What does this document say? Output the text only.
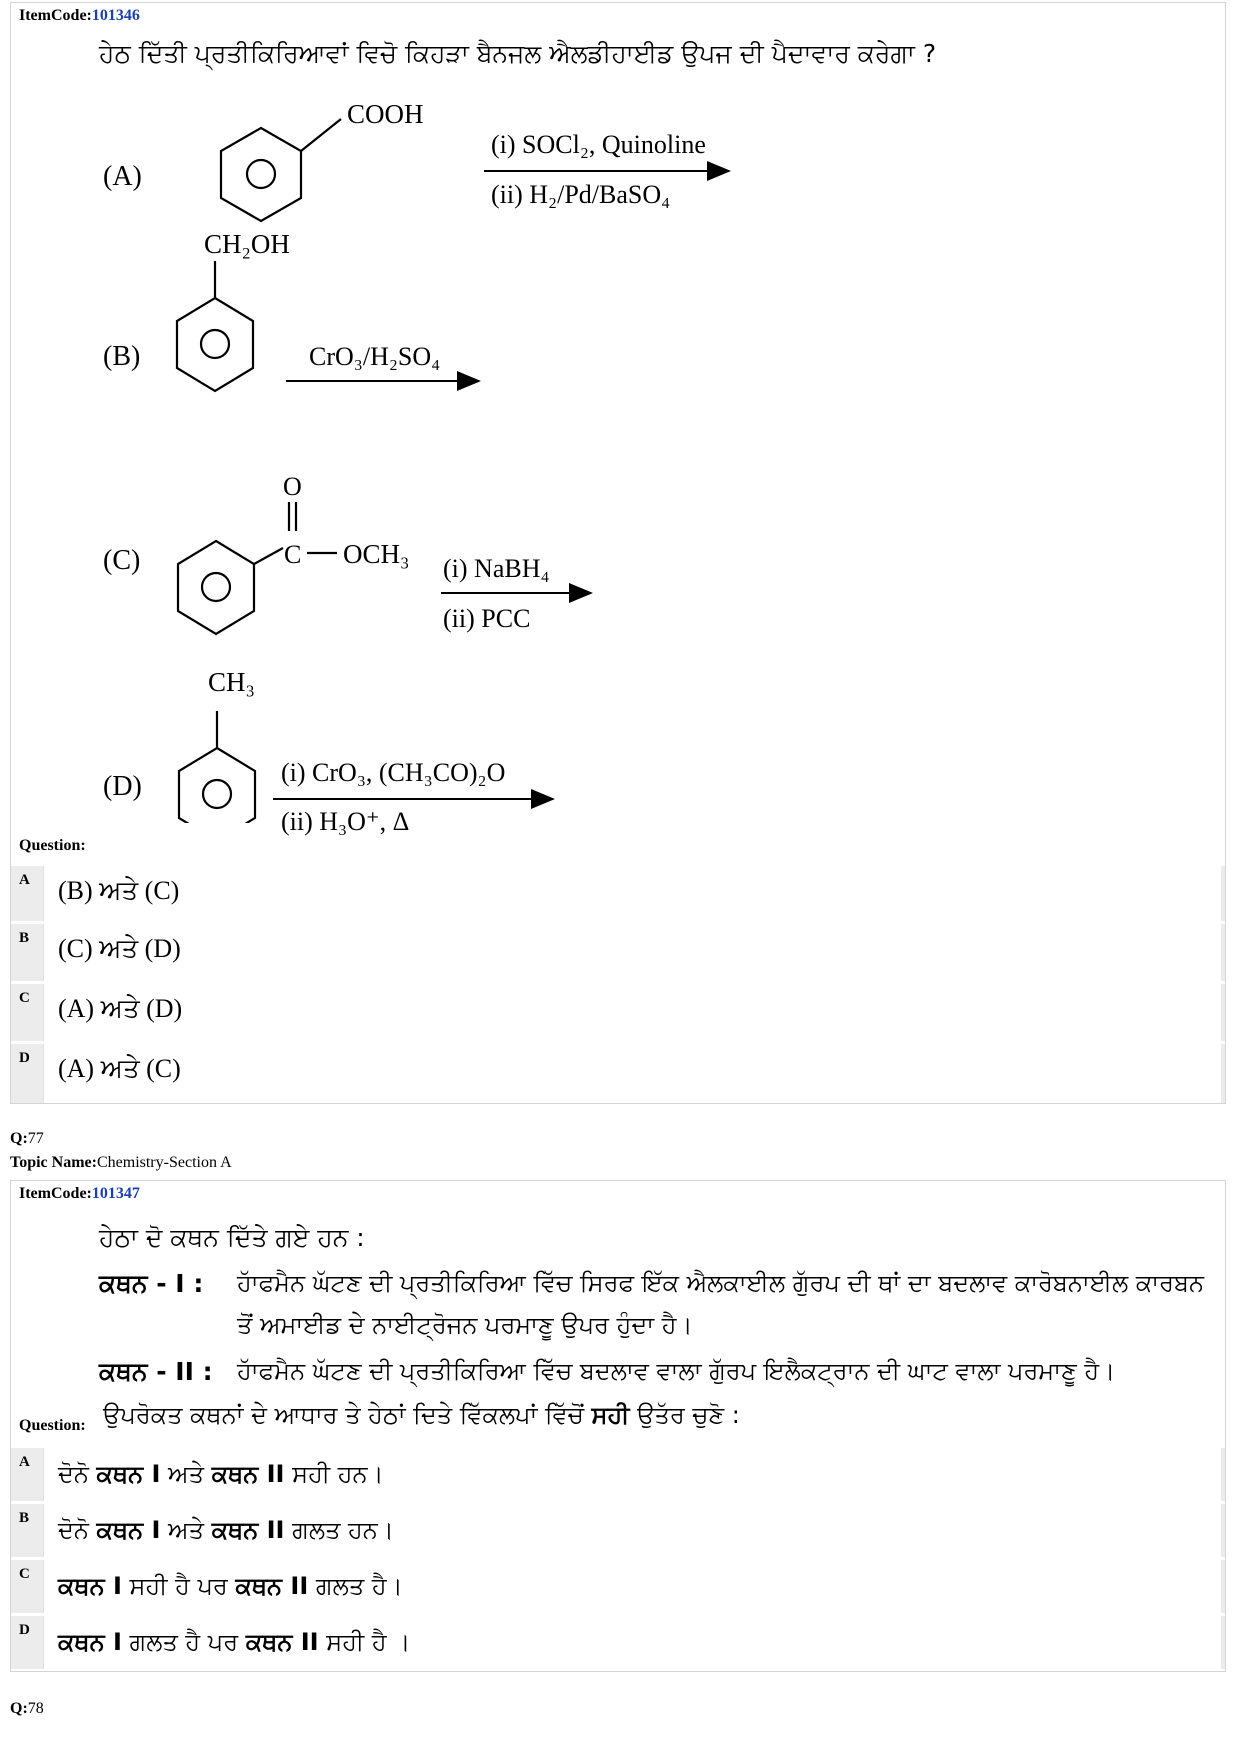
ItemCode:101346
ਹੇਠ ਦਿੱਤੀ ਪ੍ਰਤੀਕਿਰਿਆਵਾਂ ਵਿਚੋ ਕਿਹੜਾ ਬੈਨਜਲ ਐਲਡੀਹਾਈਡ ਉਪਜ ਦੀ ਪੈਦਾਵਾਰ ਕਰੇਗਾ ?
(A)
COOH
(i) SOCl₂, Quinoline
(ii) H₂/Pd/BaSO₄
(B)
CH₂OH
CrO₃/H₂SO₄
(C)
O
C OCH₃ (i) NaBH₄
(ii) PCC
(D)
CH₃
(i) CrO₃, (CH₃CO)₂O
(ii) H₃O⁺, Δ
Question:
A (B) ਅਤੇ (C)
B (C) ਅਤੇ (D)
C (A) ਅਤੇ (D)
D (A) ਅਤੇ (C)
Q:77
Topic Name:Chemistry-Section A
ItemCode:101347
ਹੇਠਾ ਦੋ ਕਥਨ ਦਿੱਤੇ ਗਏ ਹਨ :
ਕਥਨ - I : ਹਾੱਫਮੈਨ ਘੱਟਣ ਦੀ ਪ੍ਰਤੀਕਿਰਿਆ ਵਿੱਚ ਸਿਰਫ ਇੱਕ ਐਲਕਾਈਲ ਗੁੱਰਪ ਦੀ ਥਾਂ ਦਾ ਬਦਲਾਵ ਕਾਰੋਬਨਾਈਲ ਕਾਰਬਨ
ਤੋਂ ਅਮਾਈਡ ਦੇ ਨਾਈਟ੍ਰੋਜਨ ਪਰਮਾਣੂ ਉਪਰ ਹੁੰਦਾ ਹੈ।
ਕਥਨ - II : ਹਾੱਫਮੈਨ ਘੱਟਣ ਦੀ ਪ੍ਰਤੀਕਿਰਿਆ ਵਿੱਚ ਬਦਲਾਵ ਵਾਲਾ ਗੁੱਰਪ ਇਲੈਕਟ੍ਰਾਨ ਦੀ ਘਾਟ ਵਾਲਾ ਪਰਮਾਣੂ ਹੈ।
Question: ਉਪਰੋਕਤ ਕਥਨਾਂ ਦੇ ਆਧਾਰ ਤੇ ਹੇਠਾਂ ਦਿਤੇ ਵਿੱਕਲਪਾਂ ਵਿੱਚੋਂ ਸਹੀ ਉਤੱਰ ਚੁਣੋ :
A ਦੋਨੋ ਕਥਨ I ਅਤੇ ਕਥਨ II ਸਹੀ ਹਨ।
B ਦੋਨੋ ਕਥਨ I ਅਤੇ ਕਥਨ II ਗਲਤ ਹਨ।
C ਕਥਨ I ਸਹੀ ਹੈ ਪਰ ਕਥਨ II ਗਲਤ ਹੈ।
D ਕਥਨ I ਗਲਤ ਹੈ ਪਰ ਕਥਨ II ਸਹੀ ਹੈ ।
Q:78
